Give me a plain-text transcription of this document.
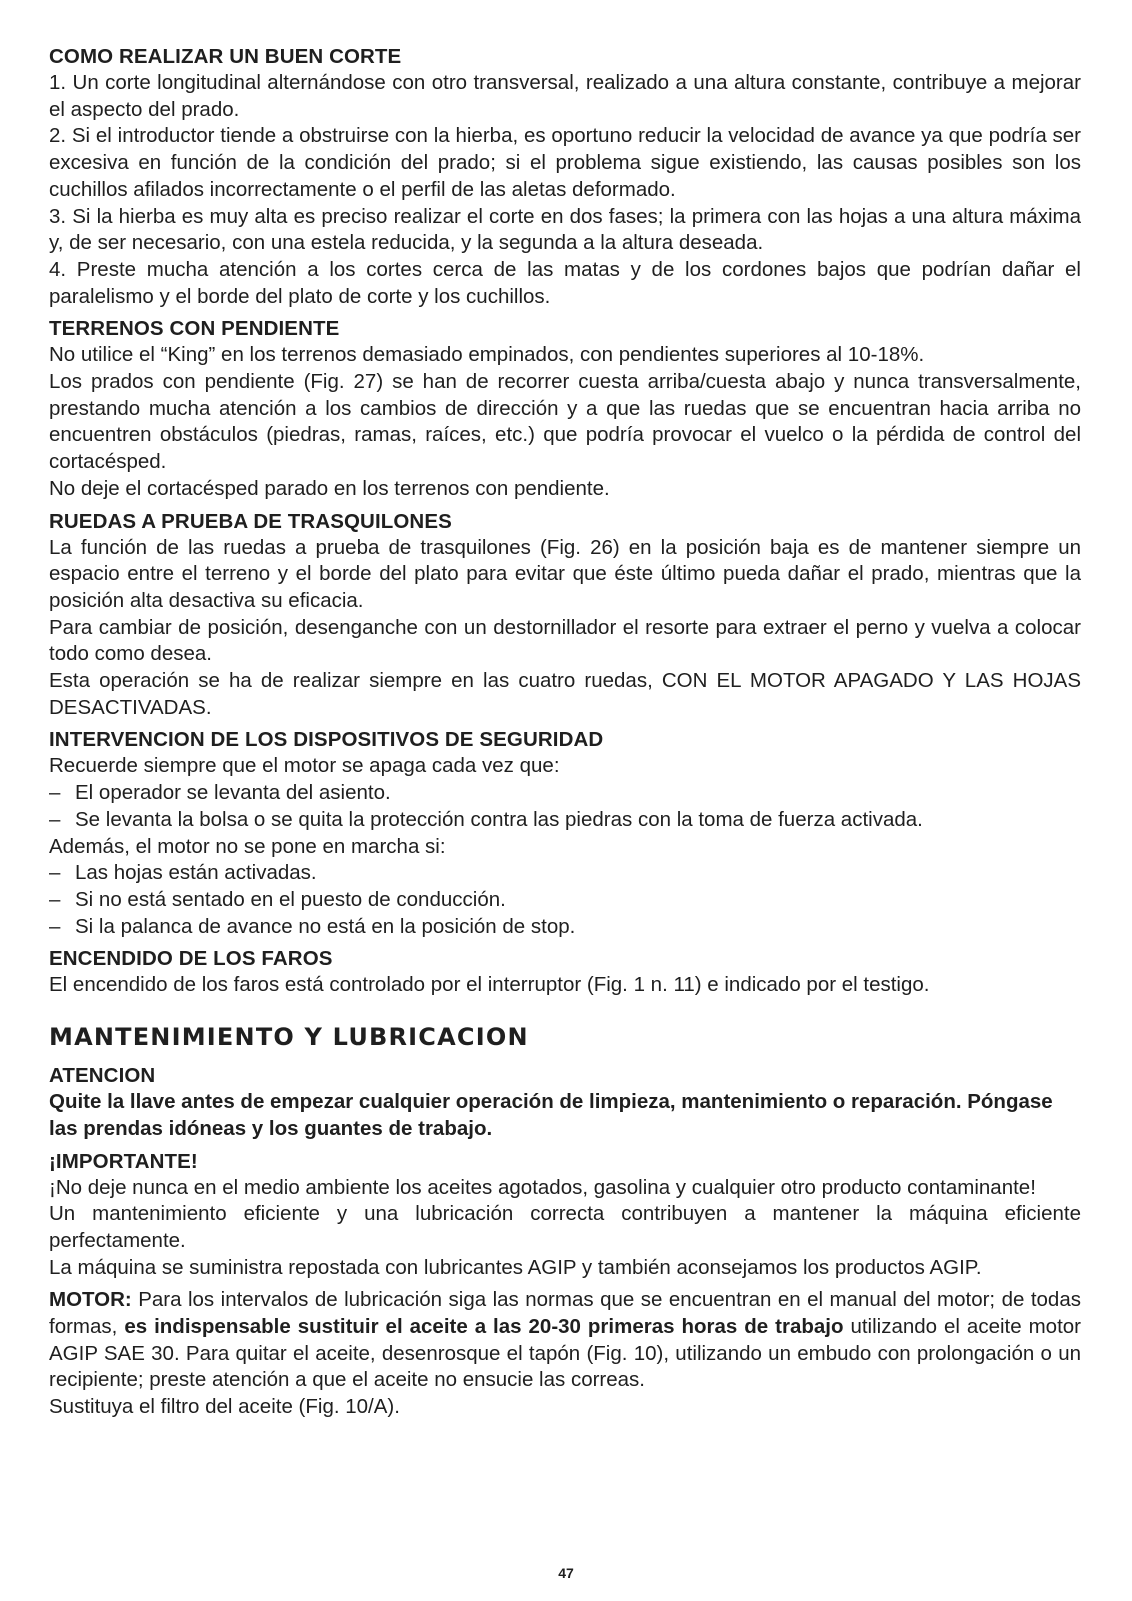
COMO REALIZAR UN BUEN CORTE

1. Un corte longitudinal alternándose con otro transversal, realizado a una altura constante, contribuye a mejorar el aspecto del prado.

2. Si el introductor tiende a obstruirse con la hierba, es oportuno reducir la velocidad de avance ya que podría ser excesiva en función de la condición del prado; si el problema sigue existiendo, las causas posibles son los cuchillos afilados incorrectamente o el perfil de las aletas deformado.

3. Si la hierba es muy alta es preciso realizar el corte en dos fases; la primera con las hojas a una altura máxima y, de ser necesario, con una estela reducida, y la segunda a la altura deseada.

4. Preste mucha atención a los cortes cerca de las matas y de los cordones bajos que podrían dañar el paralelismo y el borde del plato de corte y los cuchillos.

TERRENOS CON PENDIENTE

No utilice el “King” en los terrenos demasiado empinados, con pendientes superiores al 10-18%.

Los prados con pendiente (Fig. 27) se han de recorrer cuesta arriba/cuesta abajo y nunca transversalmente, prestando mucha atención a los cambios de dirección y a que las ruedas que se encuentran hacia arriba no encuentren obstáculos (piedras, ramas, raíces, etc.) que podría provocar el vuelco o la pérdida de control del cortacésped.

No deje el cortacésped parado en los terrenos con pendiente.

RUEDAS A PRUEBA DE TRASQUILONES

La función de las ruedas a prueba de trasquilones (Fig. 26) en la posición baja es de mantener siempre un espacio entre el terreno y el borde del plato para evitar que éste último pueda dañar el prado, mientras que la posición alta desactiva su eficacia.

Para cambiar de posición, desenganche con un destornillador el resorte para extraer el perno y vuelva a colocar todo como desea.

Esta operación se ha de realizar siempre en las cuatro ruedas, CON EL MOTOR APAGADO Y LAS HOJAS DESACTIVADAS.

INTERVENCION DE LOS DISPOSITIVOS DE SEGURIDAD

Recuerde siempre que el motor se apaga cada vez que:

– El operador se levanta del asiento.
– Se levanta la bolsa o se quita la protección contra las piedras con la toma de fuerza activada.

Además, el motor no se pone en marcha si:

– Las hojas están activadas.
– Si no está sentado en el puesto de conducción.
– Si la palanca de avance no está en la posición de stop.
ENCENDIDO DE LOS FAROS

El encendido de los faros está controlado por el interruptor (Fig. 1 n. 11) e indicado por el testigo.

MANTENIMIENTO Y LUBRICACION
ATENCION

Quite la llave antes de empezar cualquier operación de limpieza, mantenimiento o reparación. Póngase las prendas idóneas y los guantes de trabajo.

¡IMPORTANTE!

¡No deje nunca en el medio ambiente los aceites agotados, gasolina y cualquier otro producto contaminante!

Un mantenimiento eficiente y una lubricación correcta contribuyen a mantener la máquina eficiente perfectamente.

La máquina se suministra repostada con lubricantes AGIP y también aconsejamos los productos AGIP.

MOTOR: Para los intervalos de lubricación siga las normas que se encuentran en el manual del motor; de todas formas, es indispensable sustituir el aceite a las 20-30 primeras horas de trabajo utilizando el aceite motor AGIP SAE 30. Para quitar el aceite, desenrosque el tapón (Fig. 10), utilizando un embudo con prolongación o un recipiente; preste atención a que el aceite no ensucie las correas.

Sustituya el filtro del aceite (Fig. 10/A).

47
